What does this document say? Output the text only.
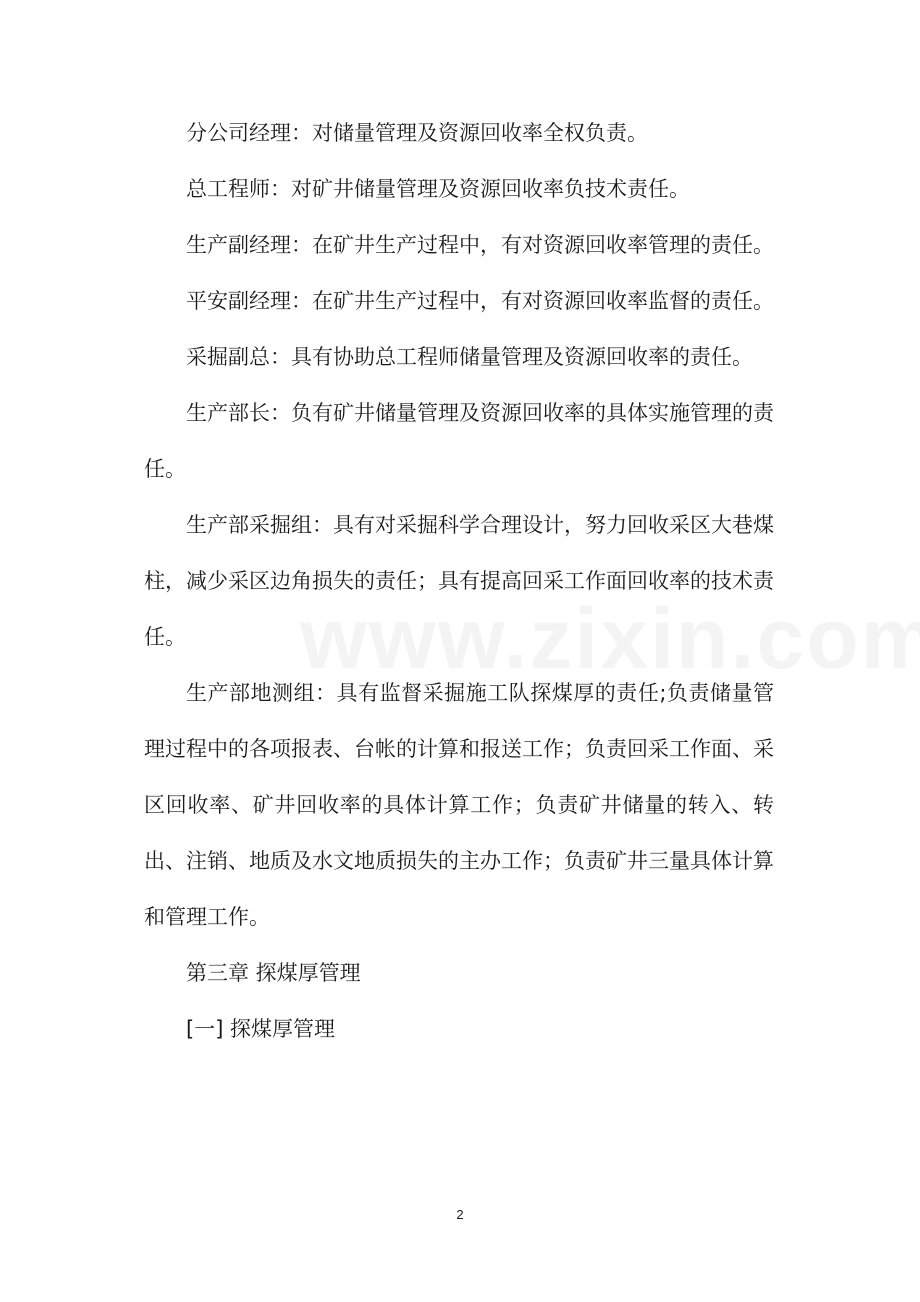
分公司经理：对储量管理及资源回收率全权负责。

总工程师：对矿井储量管理及资源回收率负技术责任。

生产副经理：在矿井生产过程中，有对资源回收率管理的责任。

平安副经理：在矿井生产过程中，有对资源回收率监督的责任。

采掘副总：具有协助总工程师储量管理及资源回收率的责任。

生产部长：负有矿井储量管理及资源回收率的具体实施管理的责任。

生产部采掘组：具有对采掘科学合理设计，努力回收采区大巷煤柱，减少采区边角损失的责任；具有提高回采工作面回收率的技术责任。

生产部地测组：具有监督采掘施工队探煤厚的责任;负责储量管理过程中的各项报表、台帐的计算和报送工作；负责回采工作面、采区回收率、矿井回收率的具体计算工作；负责矿井储量的转入、转出、注销、地质及水文地质损失的主办工作；负责矿井三量具体计算和管理工作。

第三章 探煤厚管理

[一] 探煤厚管理

2
